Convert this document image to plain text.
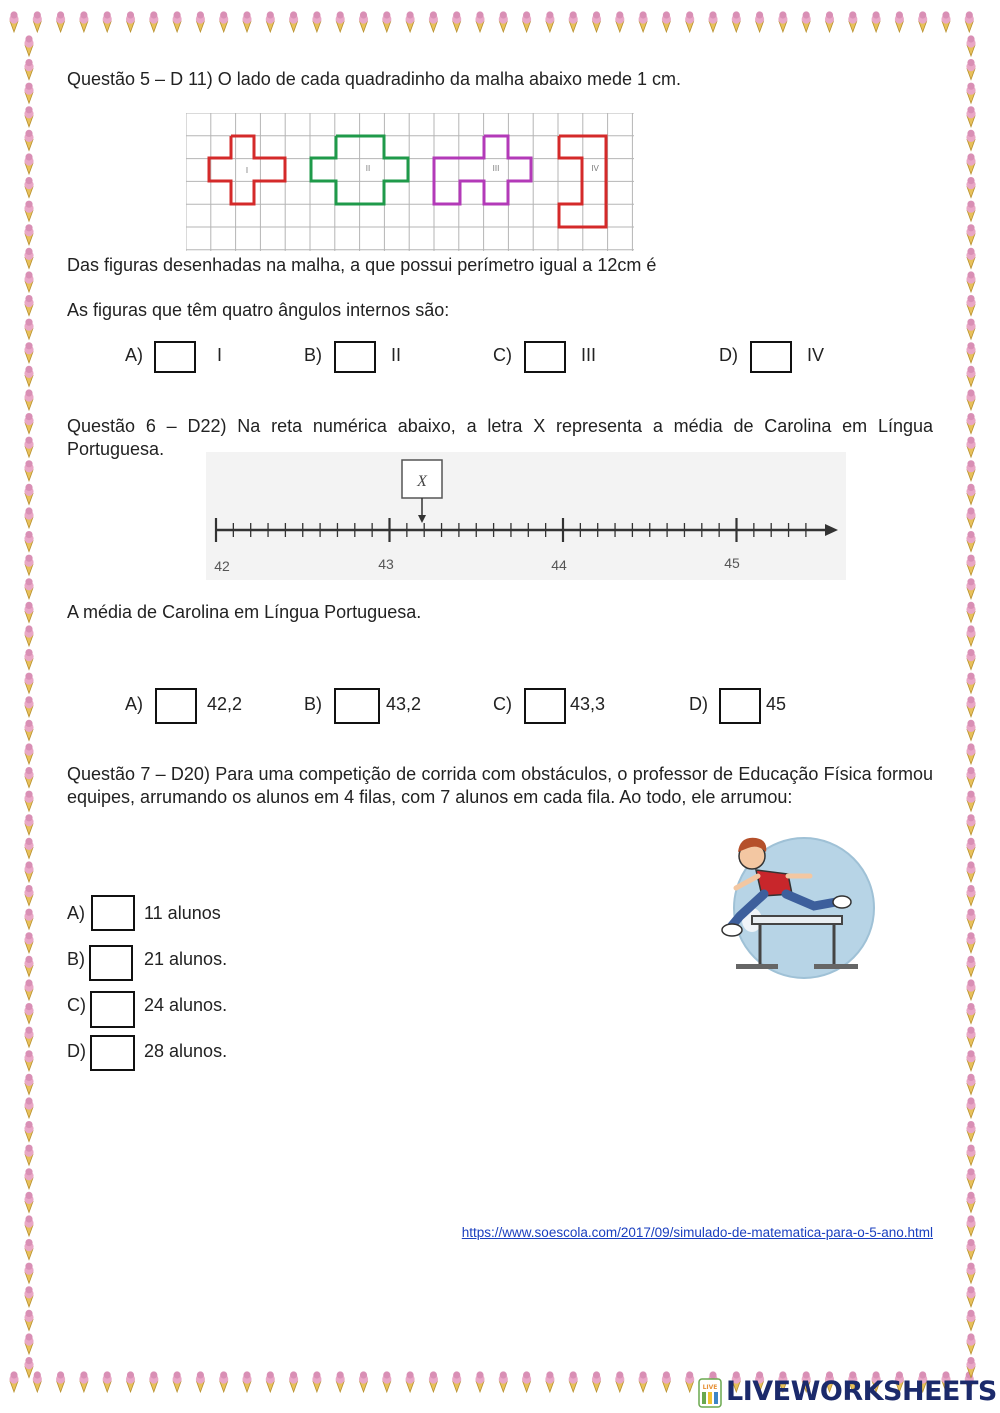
Questão 5 – D 11) O lado de cada quadradinho da malha abaixo mede 1 cm.
I	II	III	IV
Das figuras desenhadas na malha, a que possui perímetro igual a 12cm é
As figuras que têm quatro ângulos internos são:
A)	I	B)	II	C)	III	D)	IV
Questão 6 – D22) Na reta numérica abaixo, a letra X representa a média de Carolina em Língua Portuguesa.
X
42	43	44	45
A média de Carolina em Língua Portuguesa.
A)	42,2	B)	43,2	C)	43,3	D)	45
Questão 7 – D20) Para uma competição de corrida com obstáculos, o professor de Educação Física formou equipes, arrumando os alunos em 4 filas, com 7 alunos em cada fila. Ao todo, ele arrumou:
A)	11 alunos
B)	21 alunos.
C)	24 alunos.
D)	28 alunos.
https://www.soescola.com/2017/09/simulado-de-matematica-para-o-5-ano.html
LIVE LIVEWORKSHEETS
